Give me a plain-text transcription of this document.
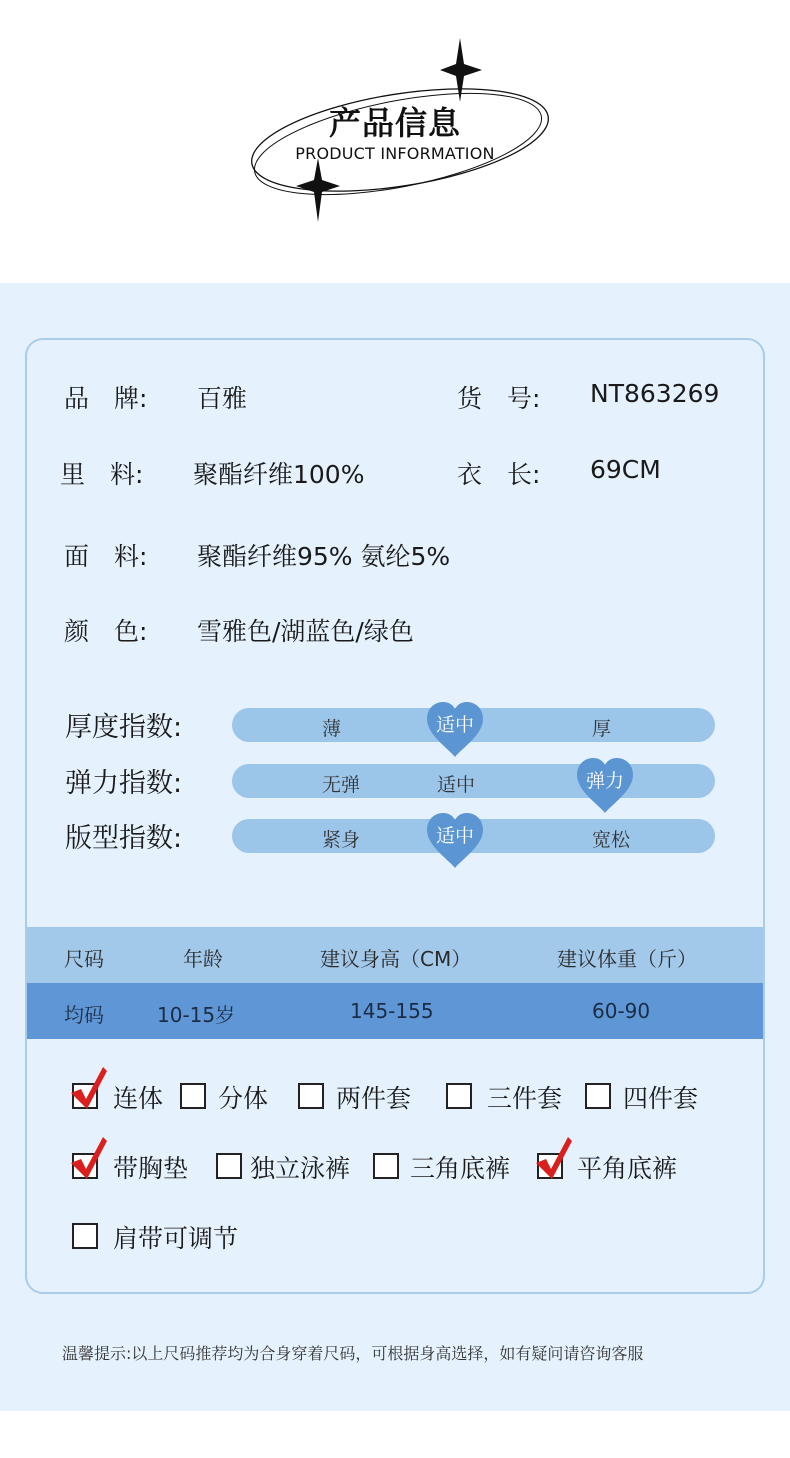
产品信息
PRODUCT INFORMATION
品　牌: 百雅	货　号: NT863269
里　料: 聚酯纤维100%	衣　长: 69CM
面　料: 聚酯纤维95% 氨纶5%
颜　色: 雪雅色/湖蓝色/绿色
厚度指数:	薄	厚
适中
弹力指数:	无弹	适中	弹力
版型指数:	紧身	宽松
适中
尺码	年龄	建议身高（CM）	建议体重（斤）
均码	10-15岁	145-155	60-90
连体 分体	两件套	三件套 四件套
带胸垫 独立泳裤 三角底裤	平角底裤
肩带可调节
温馨提示:以上尺码推荐均为合身穿着尺码，可根据身高选择，如有疑问请咨询客服
